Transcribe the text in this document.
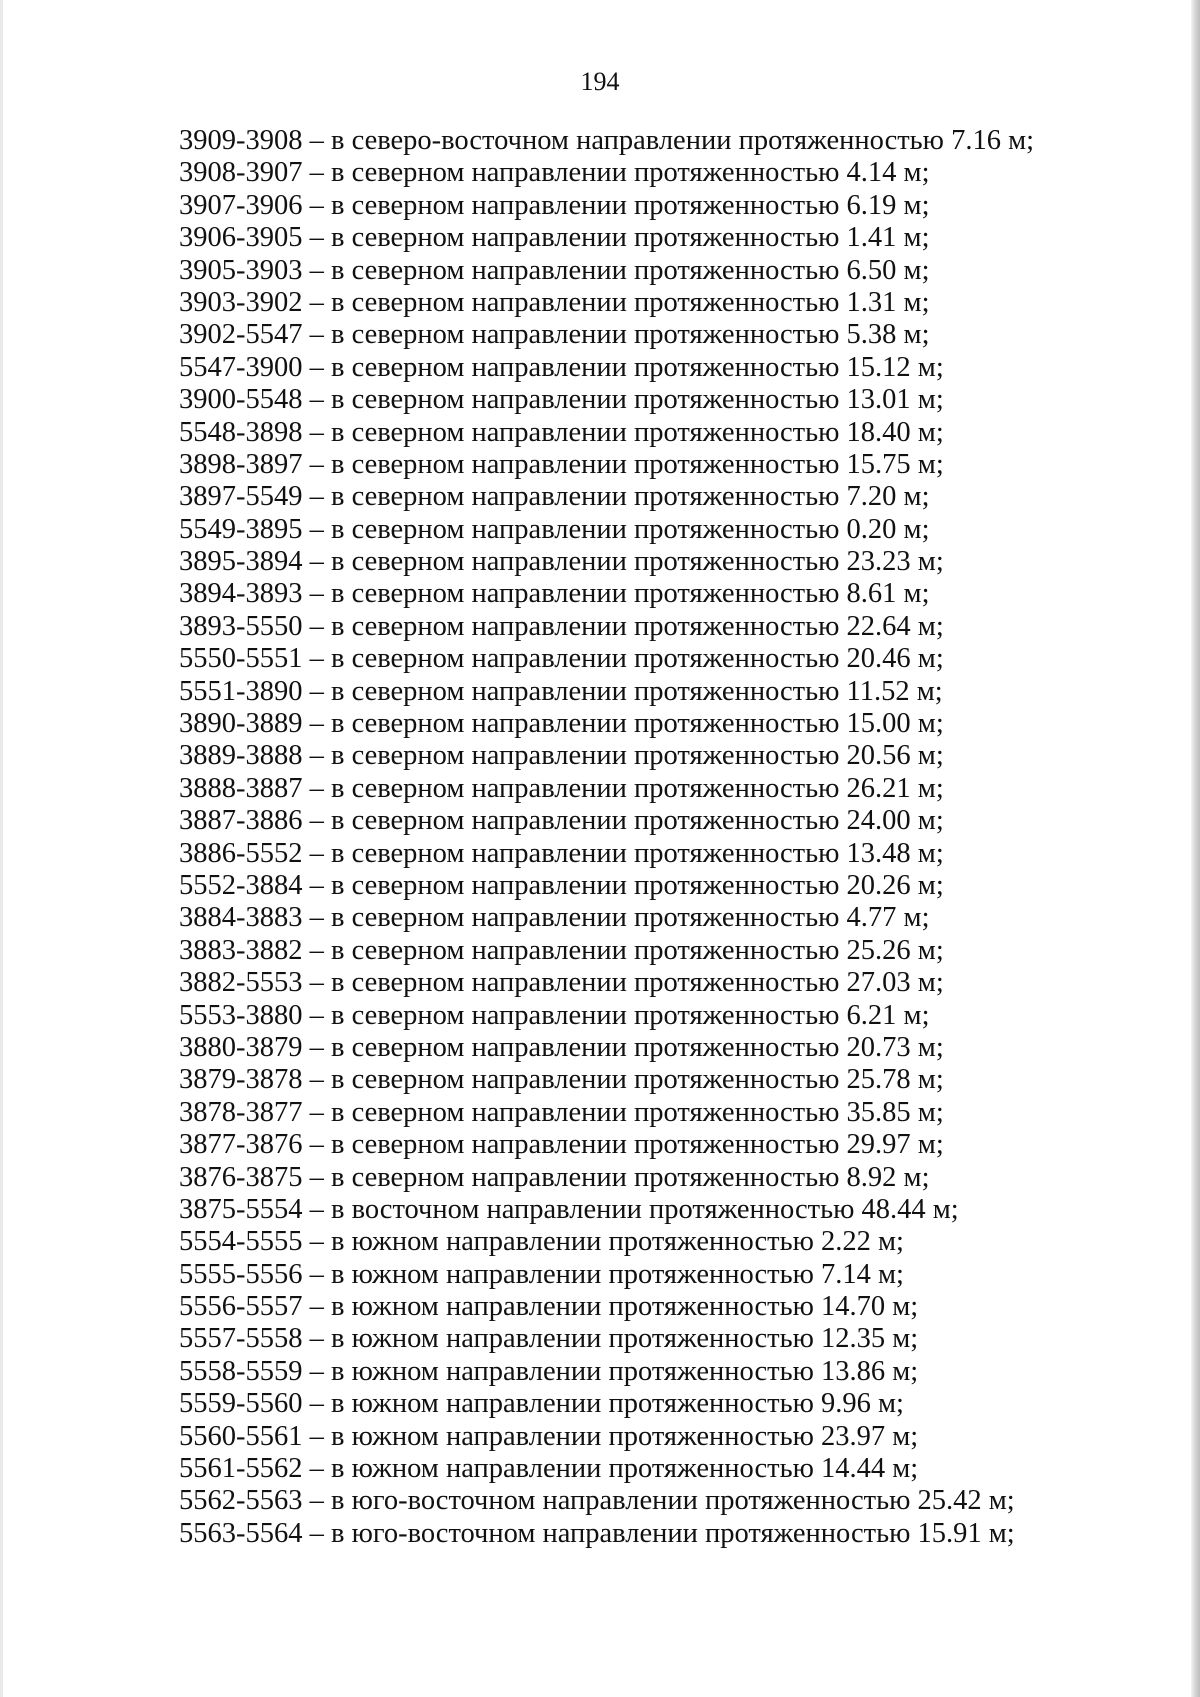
194
3909-3908 – в северо-восточном направлении протяженностью 7.16 м;
3908-3907 – в северном направлении протяженностью 4.14 м;
3907-3906 – в северном направлении протяженностью 6.19 м;
3906-3905 – в северном направлении протяженностью 1.41 м;
3905-3903 – в северном направлении протяженностью 6.50 м;
3903-3902 – в северном направлении протяженностью 1.31 м;
3902-5547 – в северном направлении протяженностью 5.38 м;
5547-3900 – в северном направлении протяженностью 15.12 м;
3900-5548 – в северном направлении протяженностью 13.01 м;
5548-3898 – в северном направлении протяженностью 18.40 м;
3898-3897 – в северном направлении протяженностью 15.75 м;
3897-5549 – в северном направлении протяженностью 7.20 м;
5549-3895 – в северном направлении протяженностью 0.20 м;
3895-3894 – в северном направлении протяженностью 23.23 м;
3894-3893 – в северном направлении протяженностью 8.61 м;
3893-5550 – в северном направлении протяженностью 22.64 м;
5550-5551 – в северном направлении протяженностью 20.46 м;
5551-3890 – в северном направлении протяженностью 11.52 м;
3890-3889 – в северном направлении протяженностью 15.00 м;
3889-3888 – в северном направлении протяженностью 20.56 м;
3888-3887 – в северном направлении протяженностью 26.21 м;
3887-3886 – в северном направлении протяженностью 24.00 м;
3886-5552 – в северном направлении протяженностью 13.48 м;
5552-3884 – в северном направлении протяженностью 20.26 м;
3884-3883 – в северном направлении протяженностью 4.77 м;
3883-3882 – в северном направлении протяженностью 25.26 м;
3882-5553 – в северном направлении протяженностью 27.03 м;
5553-3880 – в северном направлении протяженностью 6.21 м;
3880-3879 – в северном направлении протяженностью 20.73 м;
3879-3878 – в северном направлении протяженностью 25.78 м;
3878-3877 – в северном направлении протяженностью 35.85 м;
3877-3876 – в северном направлении протяженностью 29.97 м;
3876-3875 – в северном направлении протяженностью 8.92 м;
3875-5554 – в восточном направлении протяженностью 48.44 м;
5554-5555 – в южном направлении протяженностью 2.22 м;
5555-5556 – в южном направлении протяженностью 7.14 м;
5556-5557 – в южном направлении протяженностью 14.70 м;
5557-5558 – в южном направлении протяженностью 12.35 м;
5558-5559 – в южном направлении протяженностью 13.86 м;
5559-5560 – в южном направлении протяженностью 9.96 м;
5560-5561 – в южном направлении протяженностью 23.97 м;
5561-5562 – в южном направлении протяженностью 14.44 м;
5562-5563 – в юго-восточном направлении протяженностью 25.42 м;
5563-5564 – в юго-восточном направлении протяженностью 15.91 м;
